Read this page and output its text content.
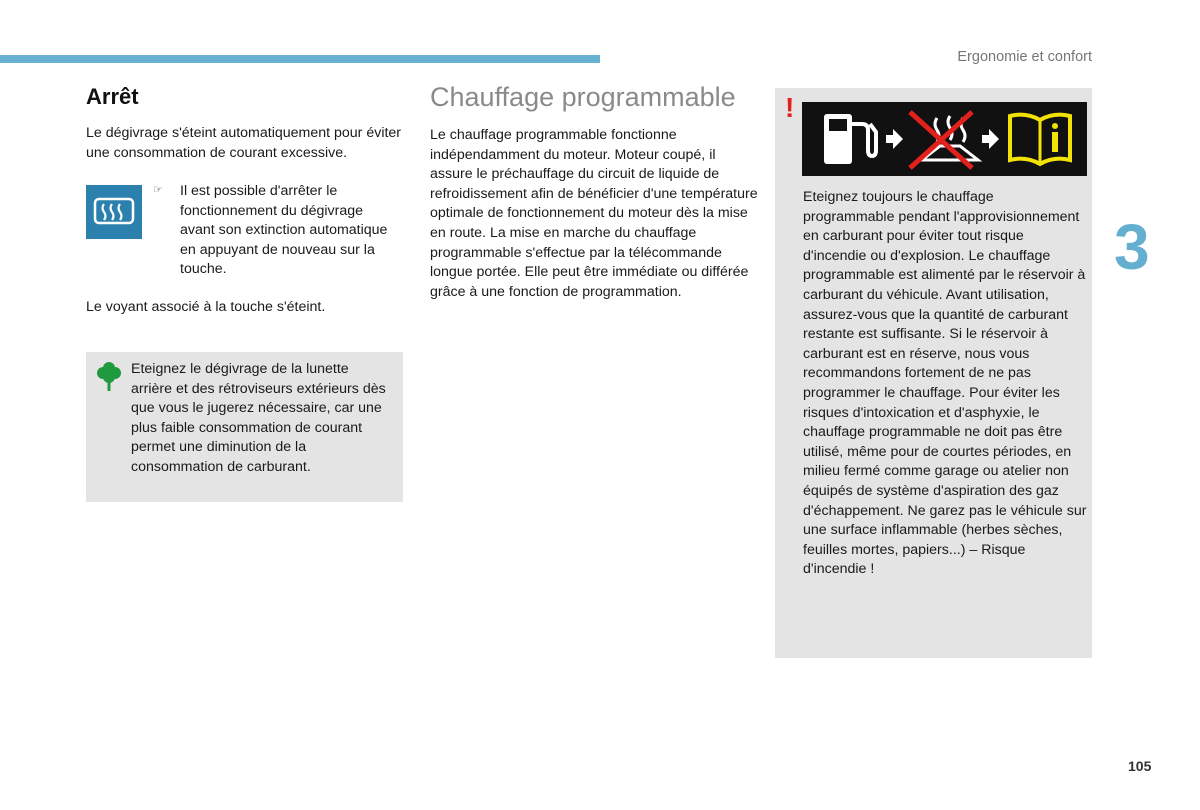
Ergonomie et confort
3
105
Arrêt
Le dégivrage s'éteint automatiquement pour éviter une consommation de courant excessive.
☞ Il est possible d'arrêter le fonctionnement du dégivrage avant son extinction automatique en appuyant de nouveau sur la touche.
Le voyant associé à la touche s'éteint.
Eteignez le dégivrage de la lunette arrière et des rétroviseurs extérieurs dès que vous le jugerez nécessaire, car une plus faible consommation de courant permet une diminution de la consommation de carburant.
Chauffage programmable
Le chauffage programmable fonctionne indépendamment du moteur. Moteur coupé, il assure le préchauffage du circuit de liquide de refroidissement afin de bénéficier d'une température optimale de fonctionnement du moteur dès la mise en route. La mise en marche du chauffage programmable s'effectue par la télécommande longue portée. Elle peut être immédiate ou différée grâce à une fonction de programmation.
!
Eteignez toujours le chauffage programmable pendant l'approvisionnement en carburant pour éviter tout risque d'incendie ou d'explosion. Le chauffage programmable est alimenté par le réservoir à carburant du véhicule. Avant utilisation, assurez-vous que la quantité de carburant restante est suffisante. Si le réservoir à carburant est en réserve, nous vous recommandons fortement de ne pas programmer le chauffage. Pour éviter les risques d'intoxication et d'asphyxie, le chauffage programmable ne doit pas être utilisé, même pour de courtes périodes, en milieu fermé comme garage ou atelier non équipés de système d'aspiration des gaz d'échappement. Ne garez pas le véhicule sur une surface inflammable (herbes sèches, feuilles mortes, papiers...) – Risque d'incendie !
